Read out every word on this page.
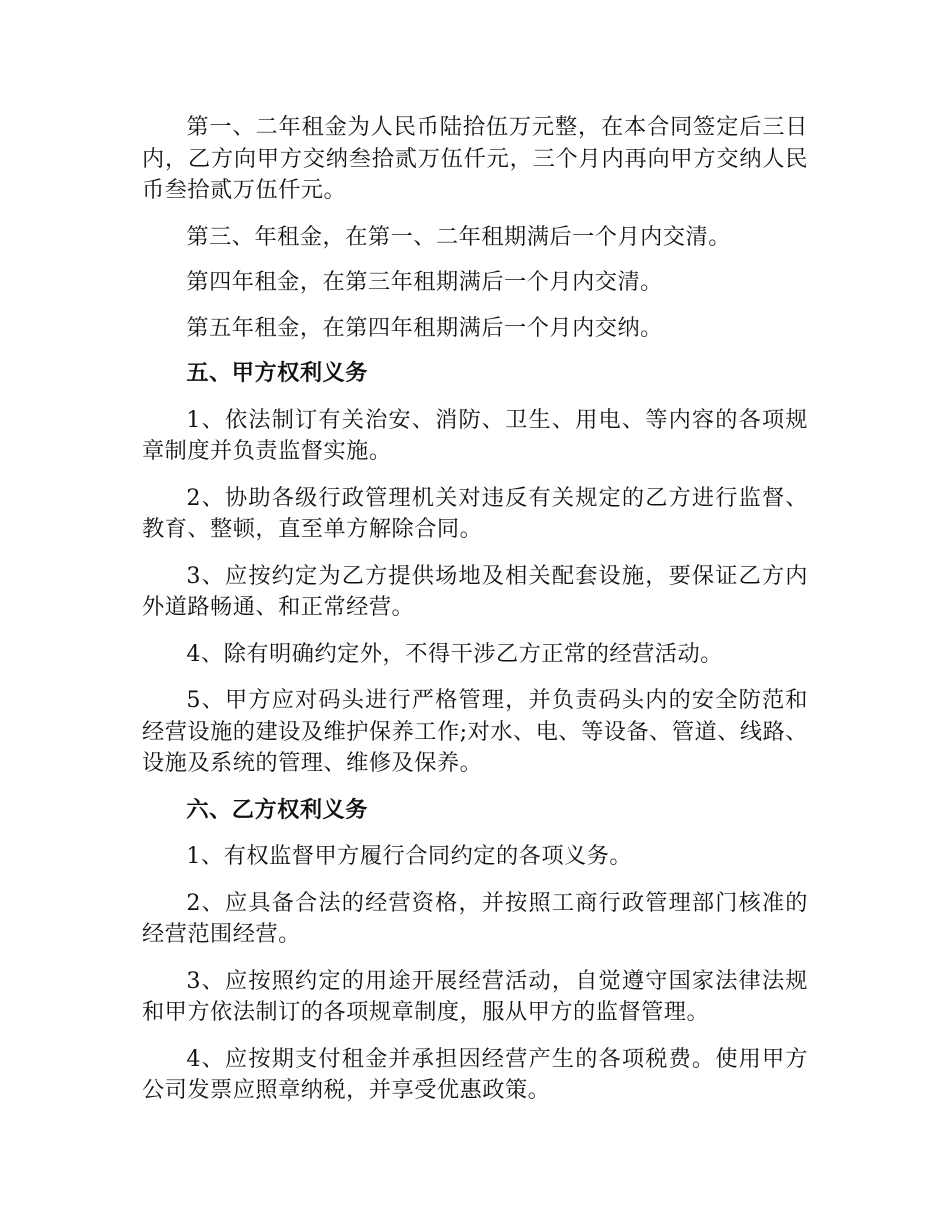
第一、二年租金为人民币陆拾伍万元整，在本合同签定后三日内，乙方向甲方交纳叁拾贰万伍仟元，三个月内再向甲方交纳人民币叁拾贰万伍仟元。

第三、年租金，在第一、二年租期满后一个月内交清。

第四年租金，在第三年租期满后一个月内交清。

第五年租金，在第四年租期满后一个月内交纳。

五、甲方权利义务

1、依法制订有关治安、消防、卫生、用电、等内容的各项规章制度并负责监督实施。

2、协助各级行政管理机关对违反有关规定的乙方进行监督、教育、整顿，直至单方解除合同。

3、应按约定为乙方提供场地及相关配套设施，要保证乙方内外道路畅通、和正常经营。

4、除有明确约定外，不得干涉乙方正常的经营活动。

5、甲方应对码头进行严格管理，并负责码头内的安全防范和经营设施的建设及维护保养工作;对水、电、等设备、管道、线路、设施及系统的管理、维修及保养。

六、乙方权利义务

1、有权监督甲方履行合同约定的各项义务。

2、应具备合法的经营资格，并按照工商行政管理部门核准的经营范围经营。

3、应按照约定的用途开展经营活动，自觉遵守国家法律法规和甲方依法制订的各项规章制度，服从甲方的监督管理。

4、应按期支付租金并承担因经营产生的各项税费。使用甲方公司发票应照章纳税，并享受优惠政策。
